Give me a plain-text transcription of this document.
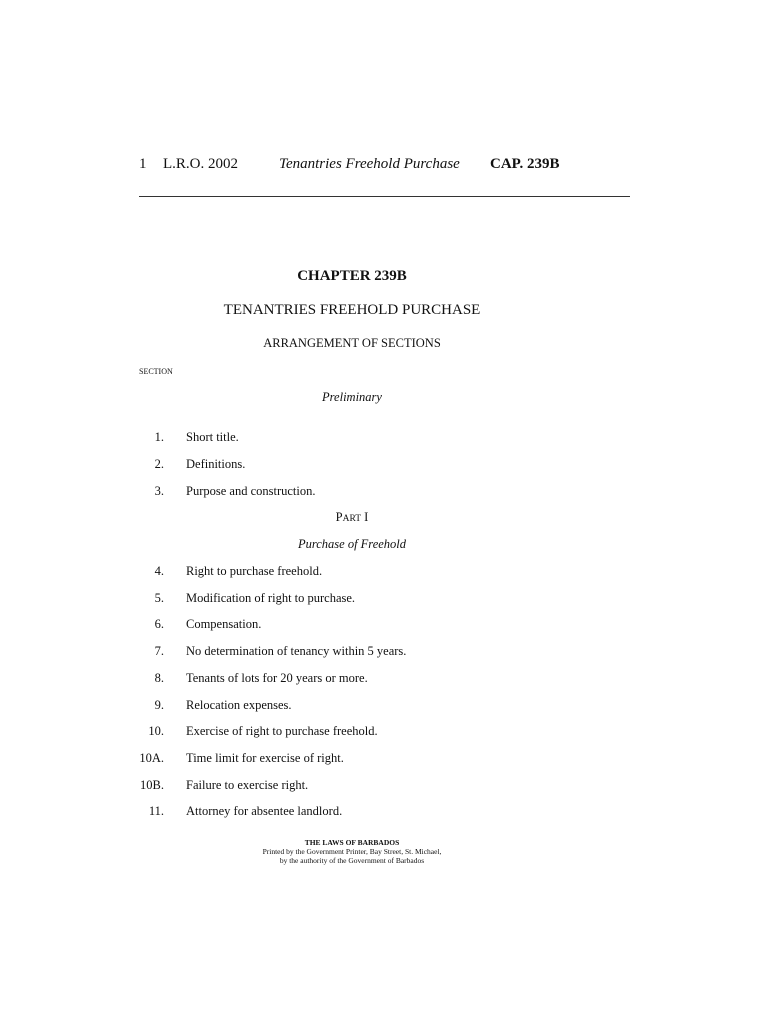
1 L.R.O. 2002	Tenantries Freehold Purchase CAP. 239B
CHAPTER 239B
TENANTRIES FREEHOLD PURCHASE
ARRANGEMENT OF SECTIONS
SECTION
Preliminary
1. Short title.
2. Definitions.
3. Purpose and construction.
PART I
Purchase of Freehold
4. Right to purchase freehold.
5. Modification of right to purchase.
6. Compensation.
7. No determination of tenancy within 5 years.
8. Tenants of lots for 20 years or more.
9. Relocation expenses.
10. Exercise of right to purchase freehold.
10A. Time limit for exercise of right.
10B. Failure to exercise right.
11. Attorney for absentee landlord.
THE LAWS OF BARBADOS
Printed by the Government Printer, Bay Street, St. Michael,
by the authority of the Government of Barbados
